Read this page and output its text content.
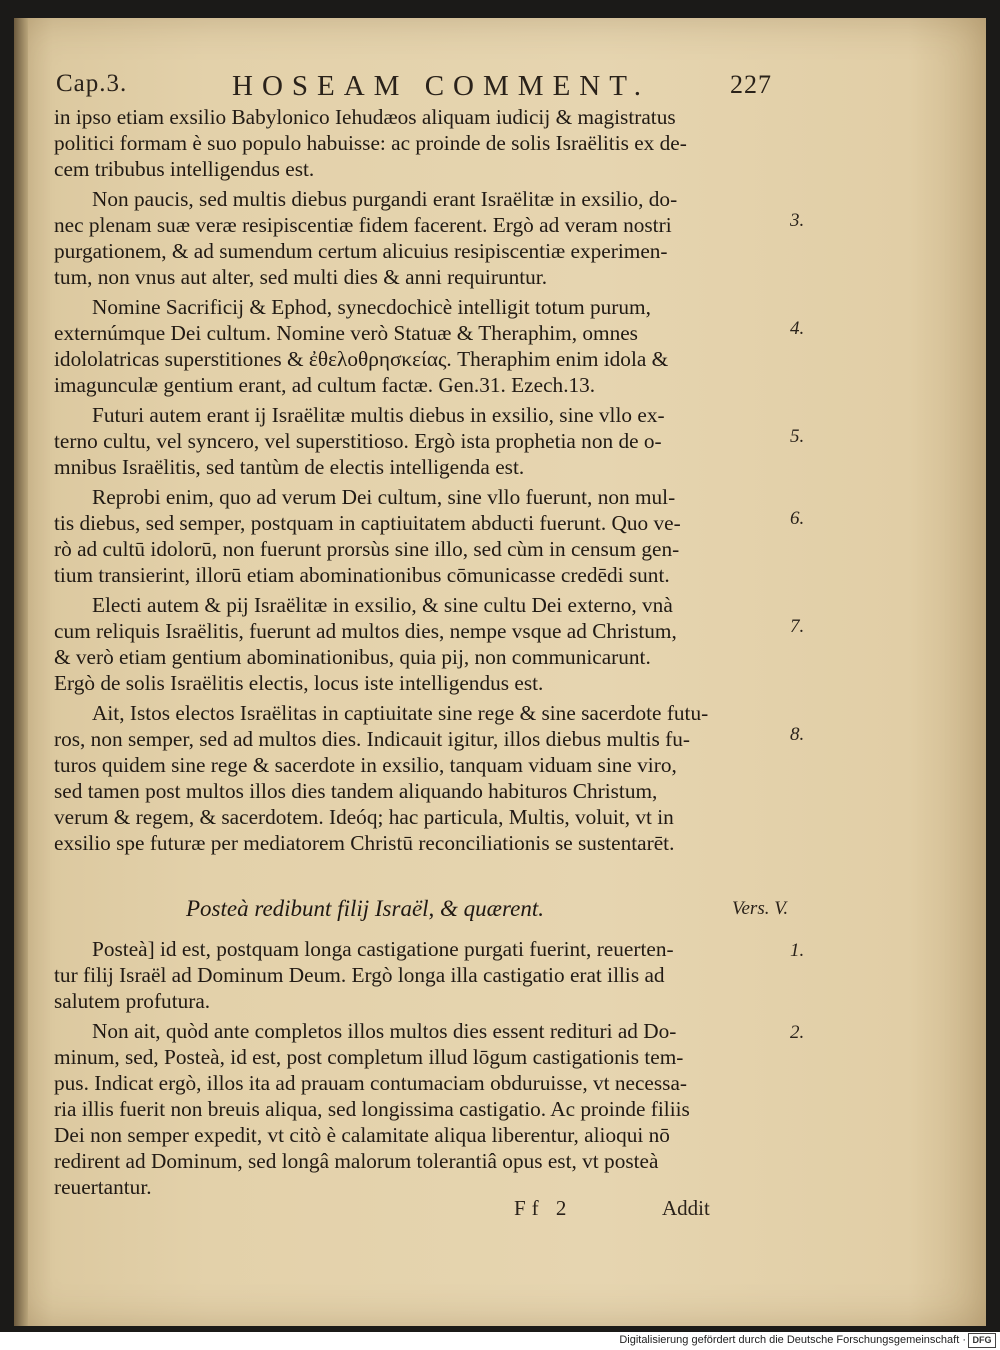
Cap.3.	HOSEAM COMMENT.	227
in ipso etiam exsilio Babylonico Iehudæos aliquam iudicij & magistratus
politici formam è suo populo habuisse: ac proinde de solis Israëlitis ex de-
cem tribubus intelligendus est.
Non paucis, sed multis diebus purgandi erant Israëlitæ in exsilio, do-
nec plenam suæ veræ resipiscentiæ fidem facerent. Ergò ad veram nostri
purgationem, & ad sumendum certum alicuius resipiscentiæ experimen-
tum, non vnus aut alter, sed multi dies & anni requiruntur.
Nomine Sacrificij & Ephod, synecdochicè intelligit totum purum,
externúmque Dei cultum. Nomine verò Statuæ & Theraphim, omnes
idololatricas superstitiones & ἐθελοθρησκείας. Theraphim enim idola &
imagunculæ gentium erant, ad cultum factæ. Gen.31. Ezech.13.
Futuri autem erant ij Israëlitæ multis diebus in exsilio, sine vllo ex-
terno cultu, vel syncero, vel superstitioso. Ergò ista prophetia non de o-
mnibus Israëlitis, sed tantùm de electis intelligenda est.
Reprobi enim, quo ad verum Dei cultum, sine vllo fuerunt, non mul-
tis diebus, sed semper, postquam in captiuitatem abducti fuerunt. Quo ve-
rò ad cultū idolorū, non fuerunt prorsùs sine illo, sed cùm in censum gen-
tium transierint, illorū etiam abominationibus cōmunicasse credēdi sunt.
Electi autem & pij Israëlitæ in exsilio, & sine cultu Dei externo, vnà
cum reliquis Israëlitis, fuerunt ad multos dies, nempe vsque ad Christum,
& verò etiam gentium abominationibus, quia pij, non communicarunt.
Ergò de solis Israëlitis electis, locus iste intelligendus est.
Ait, Istos electos Israëlitas in captiuitate sine rege & sine sacerdote futu-
ros, non semper, sed ad multos dies. Indicauit igitur, illos diebus multis fu-
turos quidem sine rege & sacerdote in exsilio, tanquam viduam sine viro,
sed tamen post multos illos dies tandem aliquando habituros Christum,
verum & regem, & sacerdotem. Ideóq; hac particula, Multis, voluit, vt in
exsilio spe futuræ per mediatorem Christū reconciliationis se sustentarēt.
Posteà] id est, postquam longa castigatione purgati fuerint, reuerten-
tur filij Israël ad Dominum Deum. Ergò longa illa castigatio erat illis ad
salutem profutura.
Non ait, quòd ante completos illos multos dies essent redituri ad Do-
minum, sed, Posteà, id est, post completum illud lōgum castigationis tem-
pus. Indicat ergò, illos ita ad prauam contumaciam obduruisse, vt necessa-
ria illis fuerit non breuis aliqua, sed longissima castigatio. Ac proinde filiis
Dei non semper expedit, vt citò è calamitate aliqua liberentur, alioqui nō
redirent ad Dominum, sed longâ malorum tolerantiâ opus est, vt posteà
reuertantur.
3.
4.
5.
6.
7.
8.
1.
2.
Posteà redibunt filij Israël, & quærent.	Vers. V.
Ff 2	Addit
Digitalisierung gefördert durch die Deutsche Forschungsgemeinschaft · DFG
